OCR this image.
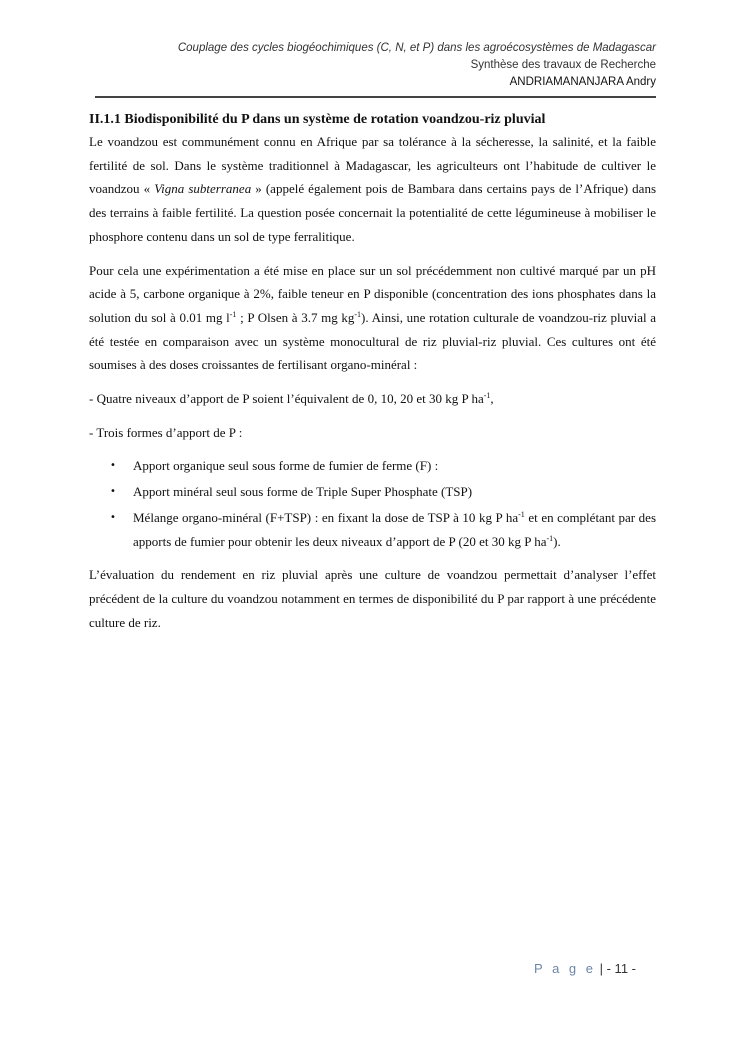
Couplage des cycles biogéochimiques (C, N, et P) dans les agroécosystèmes de Madagascar
Synthèse des travaux de Recherche
ANDRIAMANANJARA Andry

II.1.1 Biodisponibilité du P dans un système de rotation voandzou-riz pluvial

Le voandzou est communément connu en Afrique par sa tolérance à la sécheresse, la salinité, et la faible fertilité de sol. Dans le système traditionnel à Madagascar, les agriculteurs ont l’habitude de cultiver le voandzou « Vigna subterranea » (appelé également pois de Bambara dans certains pays de l’Afrique) dans des terrains à faible fertilité. La question posée concernait la potentialité de cette légumineuse à mobiliser le phosphore contenu dans un sol de type ferralitique.

Pour cela une expérimentation a été mise en place sur un sol précédemment non cultivé marqué par un pH acide à 5, carbone organique à 2%, faible teneur en P disponible (concentration des ions phosphates dans la solution du sol à 0.01 mg $l^{-1}$ ; P Olsen à 3.7 mg $kg^{-1}$). Ainsi, une rotation culturale de voandzou-riz pluvial a été testée en comparaison avec un système monocultural de riz pluvial-riz pluvial. Ces cultures ont été soumises à des doses croissantes de fertilisant organo-minéral :

- Quatre niveaux d’apport de P soient l’équivalent de 0, 10, 20 et 30 kg P $ha^{-1}$,

- Trois formes d’apport de P :

• Apport organique seul sous forme de fumier de ferme (F) :
• Apport minéral seul sous forme de Triple Super Phosphate (TSP)
• Mélange organo-minéral (F+TSP) : en fixant la dose de TSP à 10 kg P $ha^{-1}$ et en complétant par des apports de fumier pour obtenir les deux niveaux d’apport de P (20 et 30 kg P $ha^{-1}$).

L’évaluation du rendement en riz pluvial après une culture de voandzou permettait d’analyser l’effet précédent de la culture du voandzou notamment en termes de disponibilité du P par rapport à une précédente culture de riz.

P a g e | - 11 -
